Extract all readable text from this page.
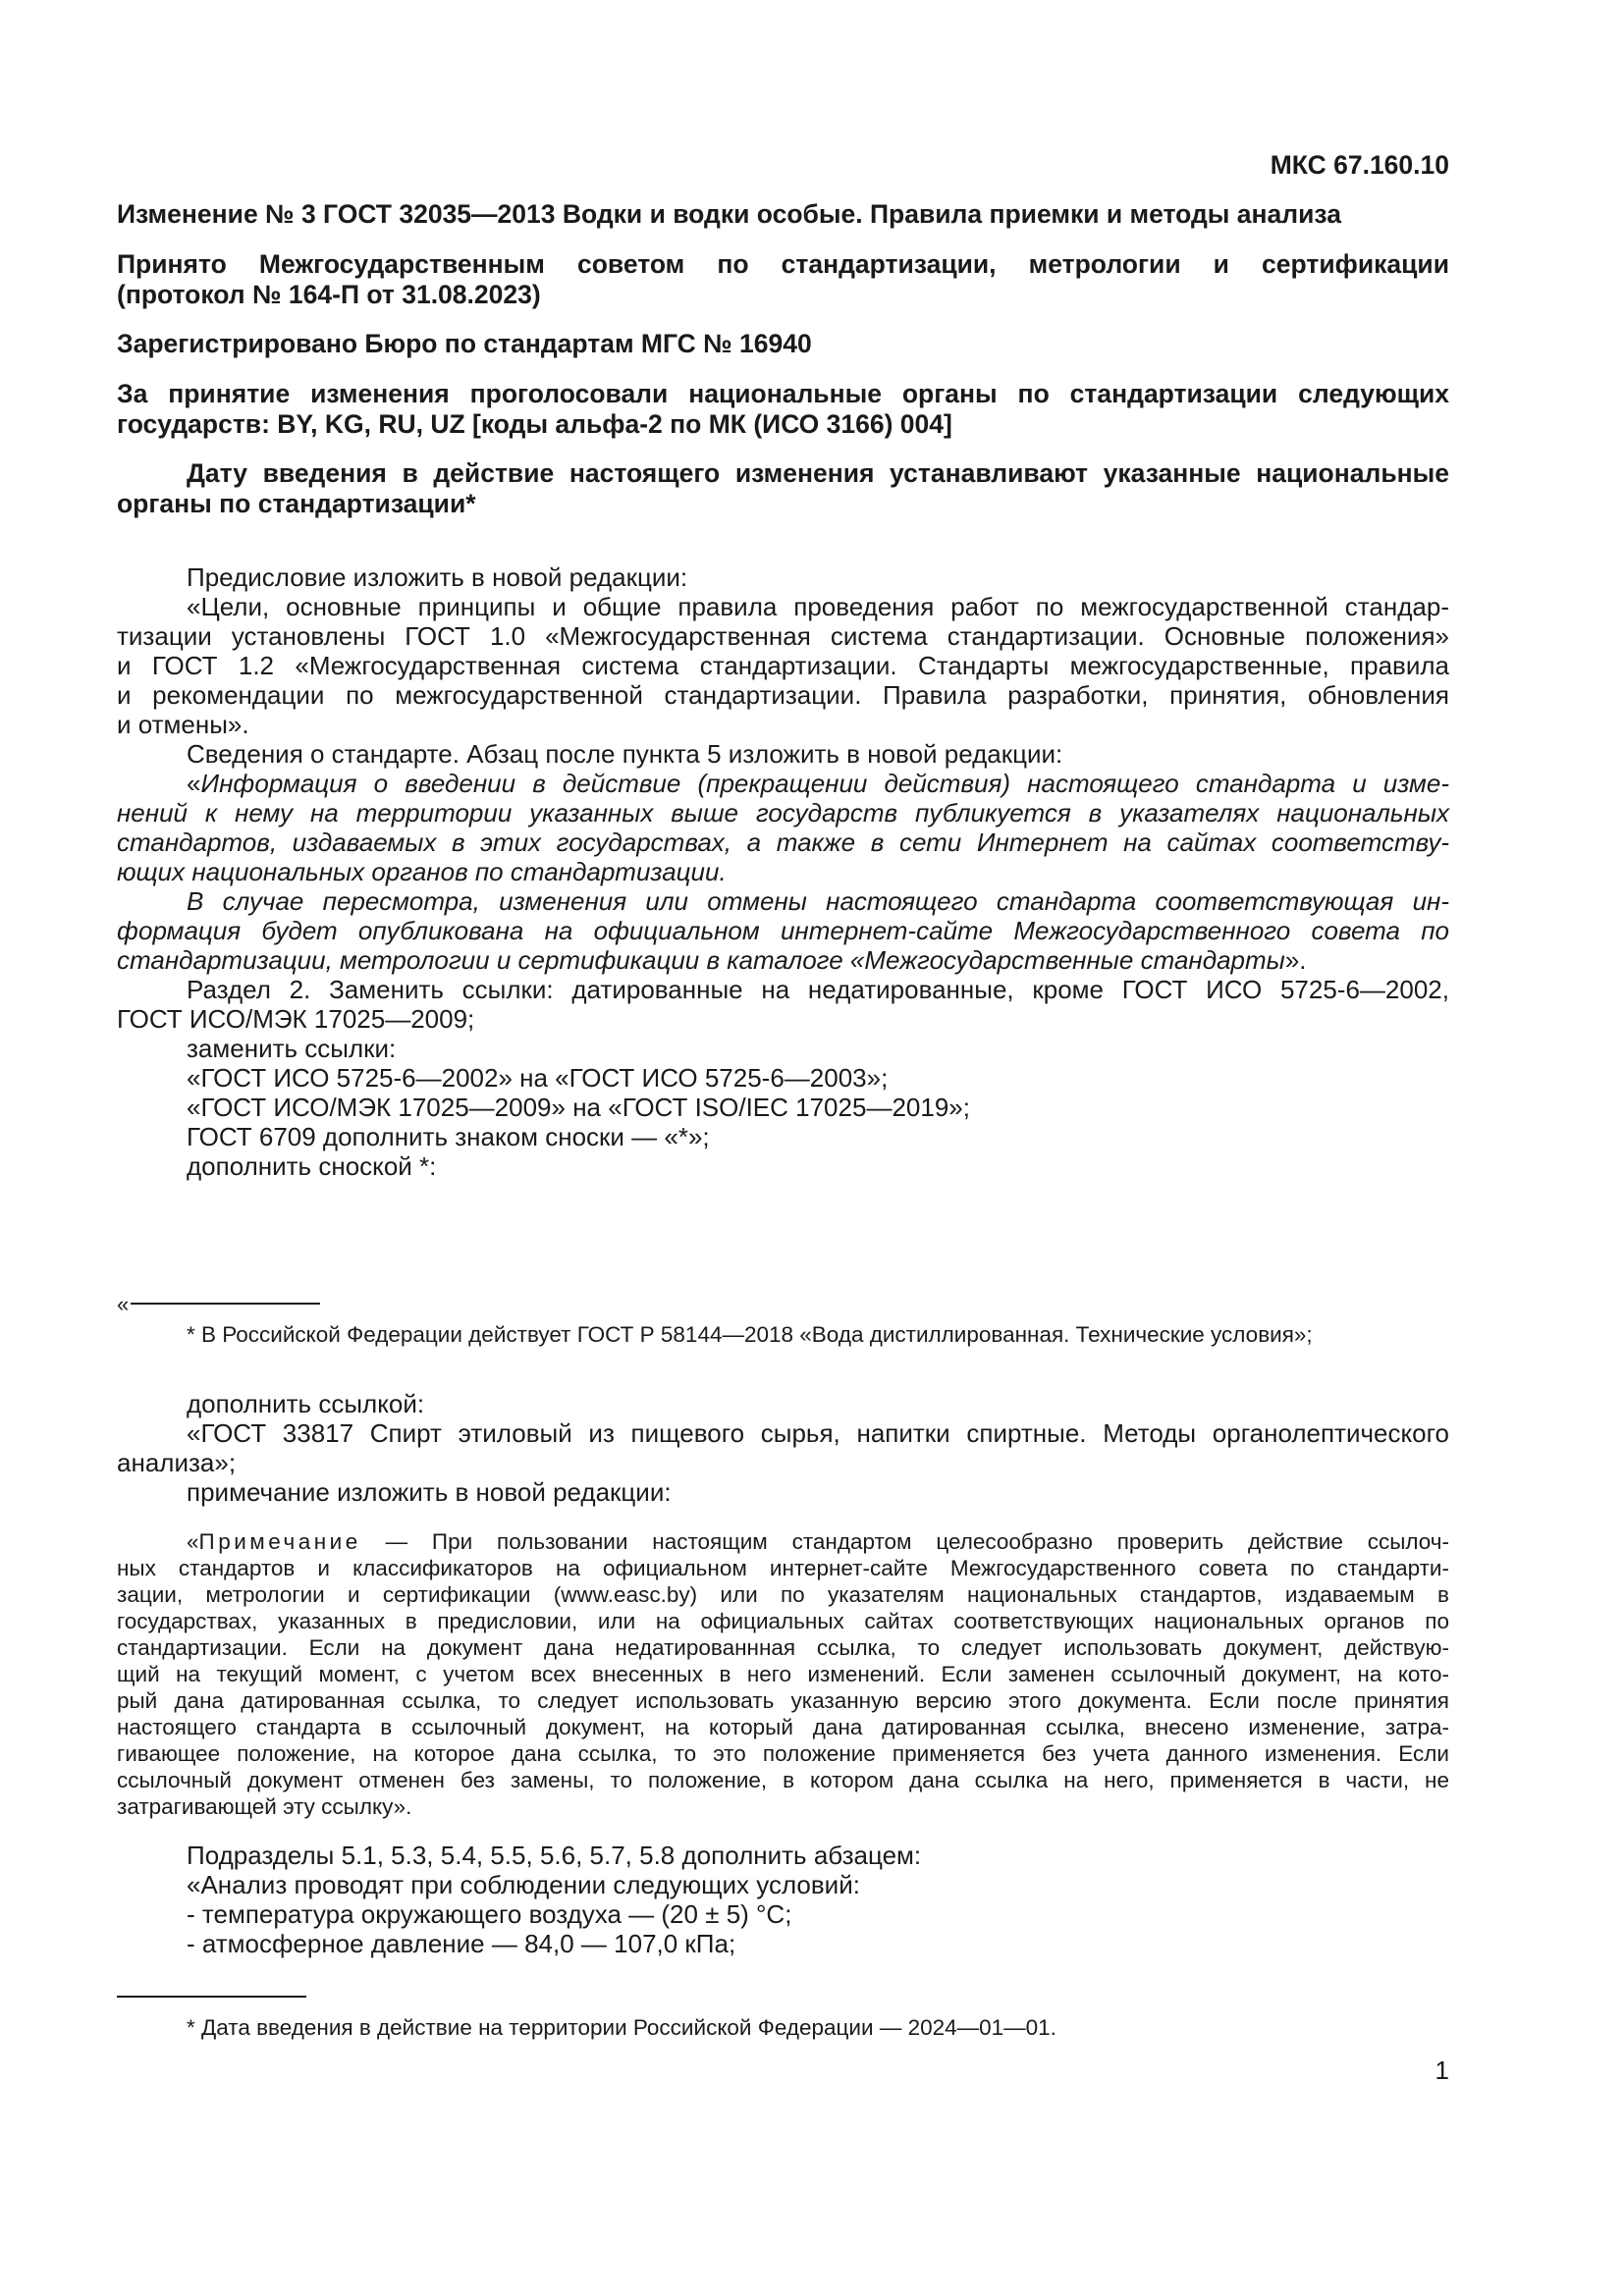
МКС 67.160.10
Изменение № 3 ГОСТ 32035—2013 Водки и водки особые. Правила приемки и методы анализа
Принято Межгосударственным советом по стандартизации, метрологии и сертификации
(протокол № 164-П от 31.08.2023)
Зарегистрировано Бюро по стандартам МГС № 16940
За принятие изменения проголосовали национальные органы по стандартизации следующих
государств: BY, KG, RU, UZ [коды альфа-2 по МК (ИСО 3166) 004]
Дату введения в действие настоящего изменения устанавливают указанные национальные
органы по стандартизации*
Предисловие изложить в новой редакции:
«Цели, основные принципы и общие правила проведения работ по межгосударственной стандар-
тизации установлены ГОСТ 1.0 «Межгосударственная система стандартизации. Основные положения»
и ГОСТ 1.2 «Межгосударственная система стандартизации. Стандарты межгосударственные, правила
и рекомендации по межгосударственной стандартизации. Правила разработки, принятия, обновления
и отмены».
Сведения о стандарте. Абзац после пункта 5 изложить в новой редакции:
«Информация о введении в действие (прекращении действия) настоящего стандарта и изме-
нений к нему на территории указанных выше государств публикуется в указателях национальных
стандартов, издаваемых в этих государствах, а также в сети Интернет на сайтах соответству-
ющих национальных органов по стандартизации.
В случае пересмотра, изменения или отмены настоящего стандарта соответствующая ин-
формация будет опубликована на официальном интернет-сайте Межгосударственного совета по
стандартизации, метрологии и сертификации в каталоге «Межгосударственные стандарты».
Раздел 2. Заменить ссылки: датированные на недатированные, кроме ГОСТ ИСО 5725-6—2002,
ГОСТ ИСО/МЭК 17025—2009;
заменить ссылки:
«ГОСТ ИСО 5725-6—2002» на «ГОСТ ИСО 5725-6—2003»;
«ГОСТ ИСО/МЭК 17025—2009» на «ГОСТ ISO/IEC 17025—2019»;
ГОСТ 6709 дополнить знаком сноски — «*»;
дополнить сноской *:
«
* В Российской Федерации действует ГОСТ Р 58144—2018 «Вода дистиллированная. Технические условия»;
дополнить ссылкой:
«ГОСТ 33817 Спирт этиловый из пищевого сырья, напитки спиртные. Методы органолептического
анализа»;
примечание изложить в новой редакции:
«Примечание — При пользовании настоящим стандартом целесообразно проверить действие ссылоч-
ных стандартов и классификаторов на официальном интернет-сайте Межгосударственного совета по стандарти-
зации, метрологии и сертификации (www.easc.by) или по указателям национальных стандартов, издаваемым в
государствах, указанных в предисловии, или на официальных сайтах соответствующих национальных органов по
стандартизации. Если на документ дана недатированнная ссылка, то следует использовать документ, действую-
щий на текущий момент, с учетом всех внесенных в него изменений. Если заменен ссылочный документ, на кото-
рый дана датированная ссылка, то следует использовать указанную версию этого документа. Если после принятия
настоящего стандарта в ссылочный документ, на который дана датированная ссылка, внесено изменение, затра-
гивающее положение, на которое дана ссылка, то это положение применяется без учета данного изменения. Если
ссылочный документ отменен без замены, то положение, в котором дана ссылка на него, применяется в части, не
затрагивающей эту ссылку».
Подразделы 5.1, 5.3, 5.4, 5.5, 5.6, 5.7, 5.8 дополнить абзацем:
«Анализ проводят при соблюдении следующих условий:
- температура окружающего воздуха — (20 ± 5) °С;
- атмосферное давление — 84,0 — 107,0 кПа;
* Дата введения в действие на территории Российской Федерации — 2024—01—01.
1
